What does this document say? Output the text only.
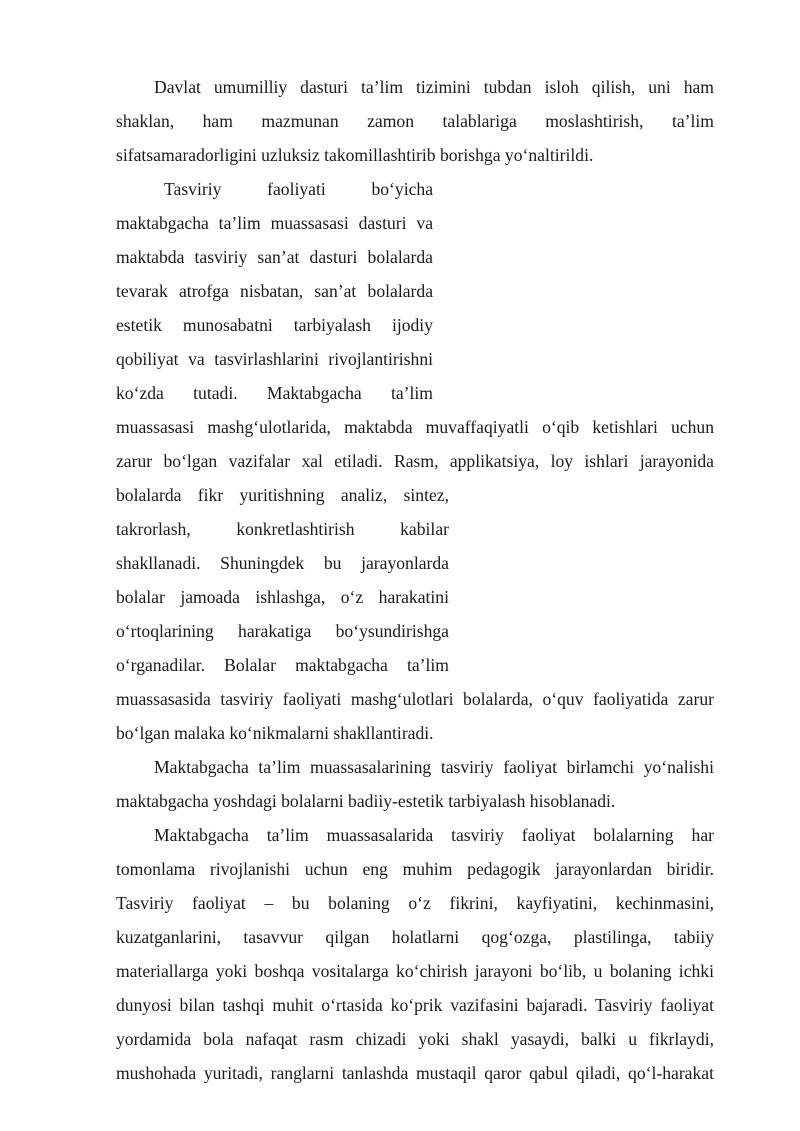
Davlat umumilliy dasturi ta’lim tizimini tubdan isloh qilish, uni ham
shaklan, ham mazmunan zamon talablariga moslashtirish, ta’lim
sifatsamaradorligini uzluksiz takomillashtirib borishga yo‘naltirildi.
Tasviriy faoliyati bo‘yicha
maktabgacha ta’lim muassasasi dasturi va
maktabda tasviriy san’at dasturi bolalarda
tevarak atrofga nisbatan, san’at bolalarda
estetik munosabatni tarbiyalash ijodiy
qobiliyat va tasvirlashlarini rivojlantirishni
ko‘zda tutadi. Maktabgacha ta’lim
muassasasi mashg‘ulotlarida, maktabda muvaffaqiyatli o‘qib ketishlari uchun
zarur bo‘lgan vazifalar xal etiladi. Rasm, applikatsiya, loy ishlari jarayonida
bolalarda fikr yuritishning analiz, sintez,
takrorlash, konkretlashtirish kabilar
shakllanadi. Shuningdek bu jarayonlarda
bolalar jamoada ishlashga, o‘z harakatini
o‘rtoqlarining harakatiga bo‘ysundirishga
o‘rganadilar. Bolalar maktabgacha ta’lim
muassasasida tasviriy faoliyati mashg‘ulotlari bolalarda, o‘quv faoliyatida zarur
bo‘lgan malaka ko‘nikmalarni shakllantiradi.
Maktabgacha ta’lim muassasalarining tasviriy faoliyat birlamchi yo‘nalishi
maktabgacha yoshdagi bolalarni badiiy-estetik tarbiyalash hisoblanadi.
Maktabgacha ta’lim muassasalarida tasviriy faoliyat bolalarning har
tomonlama rivojlanishi uchun eng muhim pedagogik jarayonlardan biridir.
Tasviriy faoliyat – bu bolaning o‘z fikrini, kayfiyatini, kechinmasini,
kuzatganlarini, tasavvur qilgan holatlarni qog‘ozga, plastilinga, tabiiy
materiallarga yoki boshqa vositalarga ko‘chirish jarayoni bo‘lib, u bolaning ichki
dunyosi bilan tashqi muhit o‘rtasida ko‘prik vazifasini bajaradi. Tasviriy faoliyat
yordamida bola nafaqat rasm chizadi yoki shakl yasaydi, balki u fikrlaydi,
mushohada yuritadi, ranglarni tanlashda mustaqil qaror qabul qiladi, qo‘l-harakat
